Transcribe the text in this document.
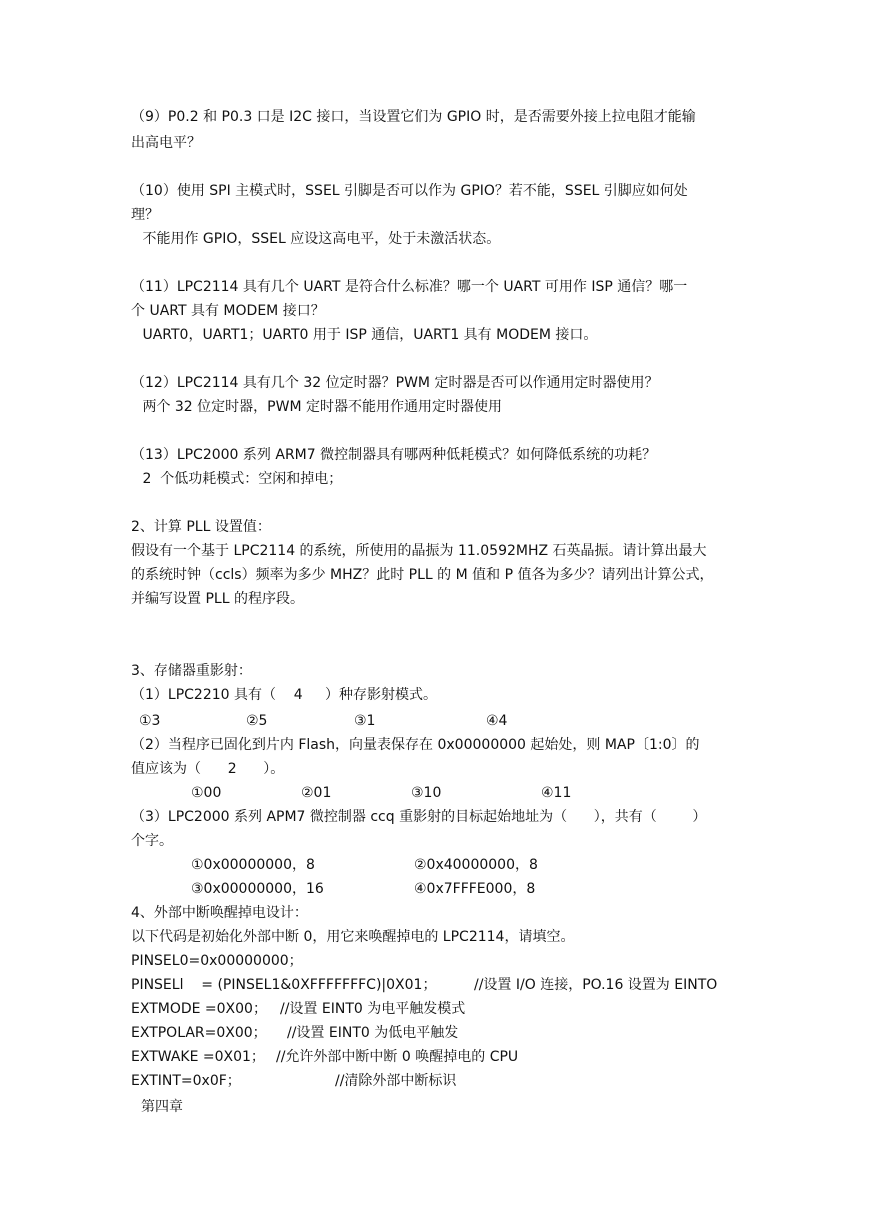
（9）P0.2 和 P0.3 口是 I2C 接口，当设置它们为 GPIO 时，是否需要外接上拉电阻才能输
出高电平？
（10）使用 SPI 主模式时，SSEL 引脚是否可以作为 GPIO？若不能，SSEL 引脚应如何处
理？
不能用作 GPIO，SSEL 应设这高电平，处于未激活状态。
（11）LPC2114 具有几个 UART 是符合什么标准？哪一个 UART 可用作 ISP 通信？哪一
个 UART 具有 MODEM 接口？
UART0，UART1；UART0 用于 ISP 通信，UART1 具有 MODEM 接口。
（12）LPC2114 具有几个 32 位定时器？PWM 定时器是否可以作通用定时器使用？
两个 32 位定时器，PWM 定时器不能用作通用定时器使用
（13）LPC2000 系列 ARM7 微控制器具有哪两种低耗模式？如何降低系统的功耗？
2  个低功耗模式：空闲和掉电；
2、计算 PLL 设置值：
假设有一个基于 LPC2114 的系统，所使用的晶振为 11.0592MHZ 石英晶振。请计算出最大
的系统时钟（ccls）频率为多少 MHZ？此时 PLL 的 M 值和 P 值各为多少？请列出计算公式，
并编写设置 PLL 的程序段。
3、存储器重影射：
（1）LPC2210 具有（    4     ）种存影射模式。
①3	②5	③1	④4
（2）当程序已固化到片内 Flash，向量表保存在 0x00000000 起始处，则 MAP〔1:0〕的
值应该为（      2      ）。
①00	②01	③10	④11
（3）LPC2000 系列 APM7 微控制器 ccq 重影射的目标起始地址为（      ），共有（        ）
个字。
①0x00000000，8	②0x40000000，8
③0x00000000，16	④0x7FFFE000，8
4、外部中断唤醒掉电设计：
以下代码是初始化外部中断 0，用它来唤醒掉电的 LPC2114，请填空。
PINSEL0=0x00000000；
PINSELl    = (PINSEL1&0XFFFFFFFC)|0X01；	//设置 I/O 连接，PO.16 设置为 EINTO
EXTMODE =0X00； //设置 EINT0 为电平触发模式
EXTPOLAR=0X00； //设置 EINT0 为低电平触发
EXTWAKE =0X01； //允许外部中断中断 0 唤醒掉电的 CPU
EXTINT=0x0F；	//清除外部中断标识
第四章
